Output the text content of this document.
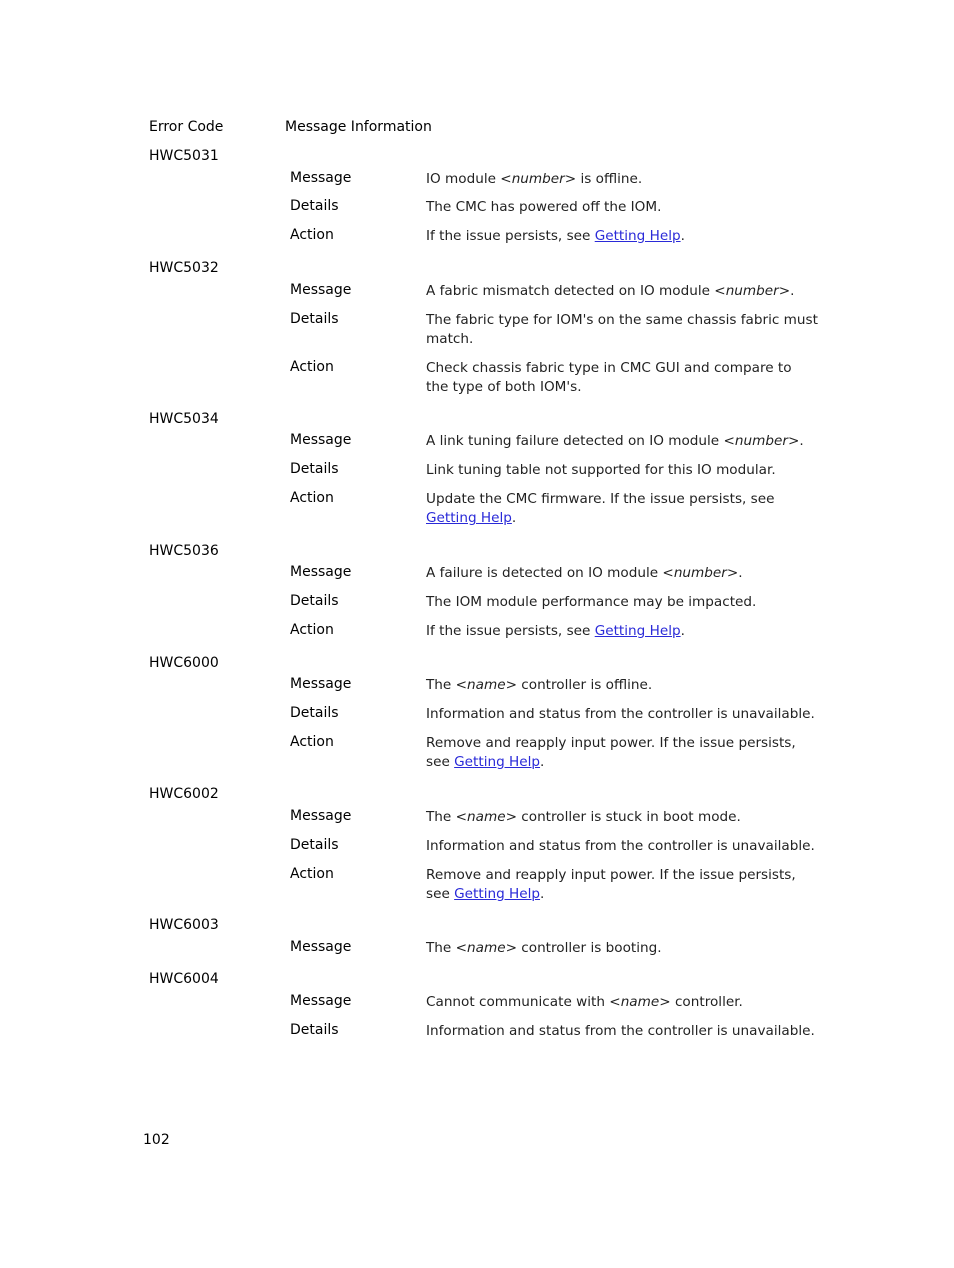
Error Code	Message Information
HWC5031
Message	IO module <number> is offline.
Details	The CMC has powered off the IOM.
Action	If the issue persists, see Getting Help.
HWC5032
Message	A fabric mismatch detected on IO module <number>.
Details	The fabric type for IOM's on the same chassis fabric must match.
Action	Check chassis fabric type in CMC GUI and compare to the type of both IOM's.
HWC5034
Message	A link tuning failure detected on IO module <number>.
Details	Link tuning table not supported for this IO modular.
Action	Update the CMC firmware. If the issue persists, see Getting Help.
HWC5036
Message	A failure is detected on IO module <number>.
Details	The IOM module performance may be impacted.
Action	If the issue persists, see Getting Help.
HWC6000
Message	The <name> controller is offline.
Details	Information and status from the controller is unavailable.
Action	Remove and reapply input power. If the issue persists, see Getting Help.
HWC6002
Message	The <name> controller is stuck in boot mode.
Details	Information and status from the controller is unavailable.
Action	Remove and reapply input power. If the issue persists, see Getting Help.
HWC6003
Message	The <name> controller is booting.
HWC6004
Message	Cannot communicate with <name> controller.
Details	Information and status from the controller is unavailable.
102
